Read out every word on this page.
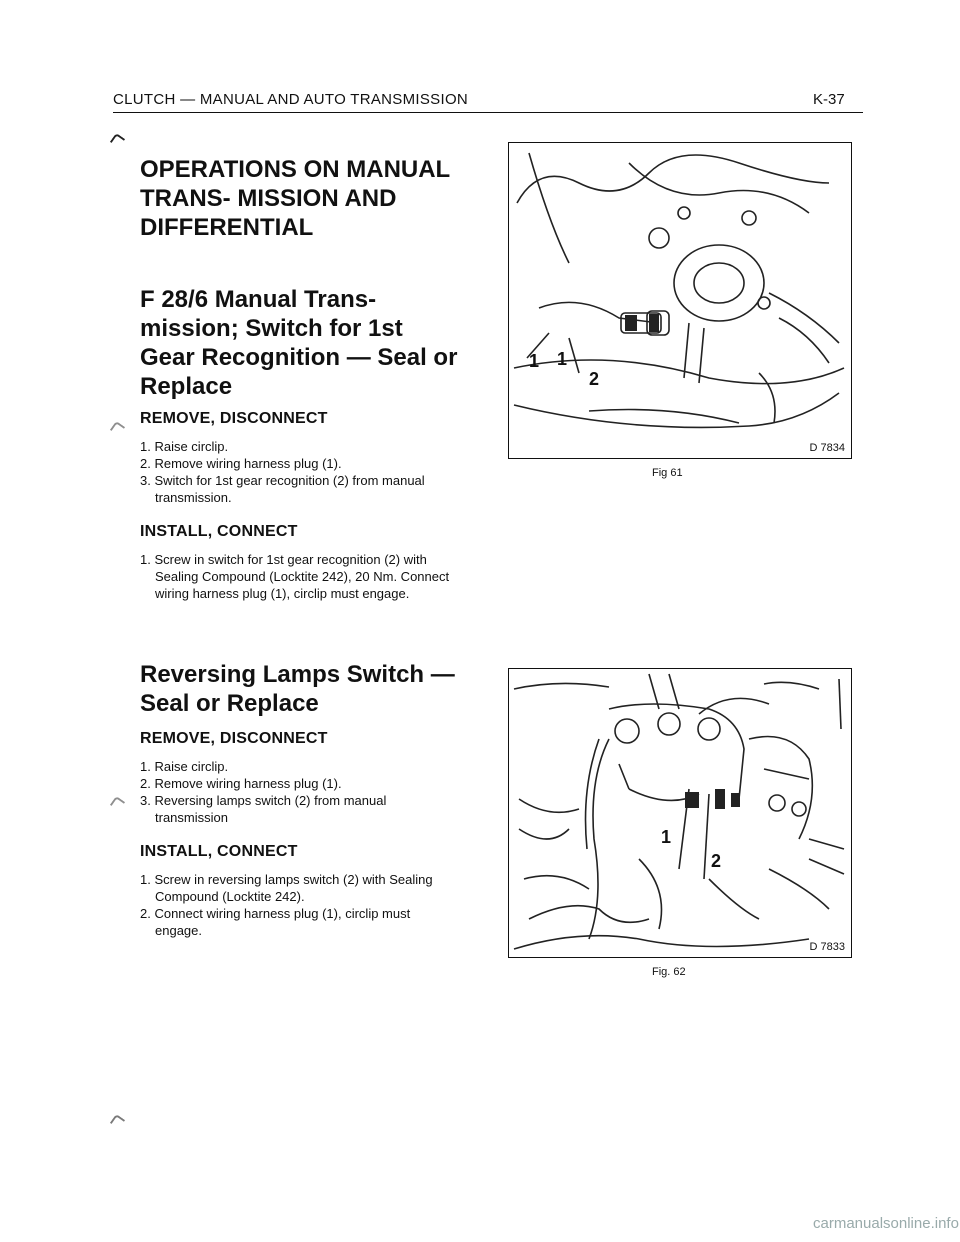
CLUTCH — MANUAL AND AUTO TRANSMISSION	K-37
OPERATIONS ON MANUAL TRANS- MISSION AND DIFFERENTIAL
F 28/6 Manual Trans- mission; Switch for 1st Gear Recognition — Seal or Replace

REMOVE, DISCONNECT

1. Raise circlip.
2. Remove wiring harness plug (1).
3. Switch for 1st gear recognition (2) from manual transmission.

INSTALL, CONNECT

1. Screw in switch for 1st gear recognition (2) with Sealing Compound (Locktite 242), 20 Nm. Connect wiring harness plug (1), circlip must engage.
Reversing Lamps Switch — Seal or Replace

REMOVE, DISCONNECT

1. Raise circlip.
2. Remove wiring harness plug (1).
3. Reversing lamps switch (2) from manual transmission

INSTALL, CONNECT

1. Screw in reversing lamps switch (2) with Sealing Compound (Locktite 242).
2. Connect wiring harness plug (1), circlip must engage.
1 1
2
D 7834
Fig 61
1
2
D 7833
Fig. 62
carmanualsonline.info
